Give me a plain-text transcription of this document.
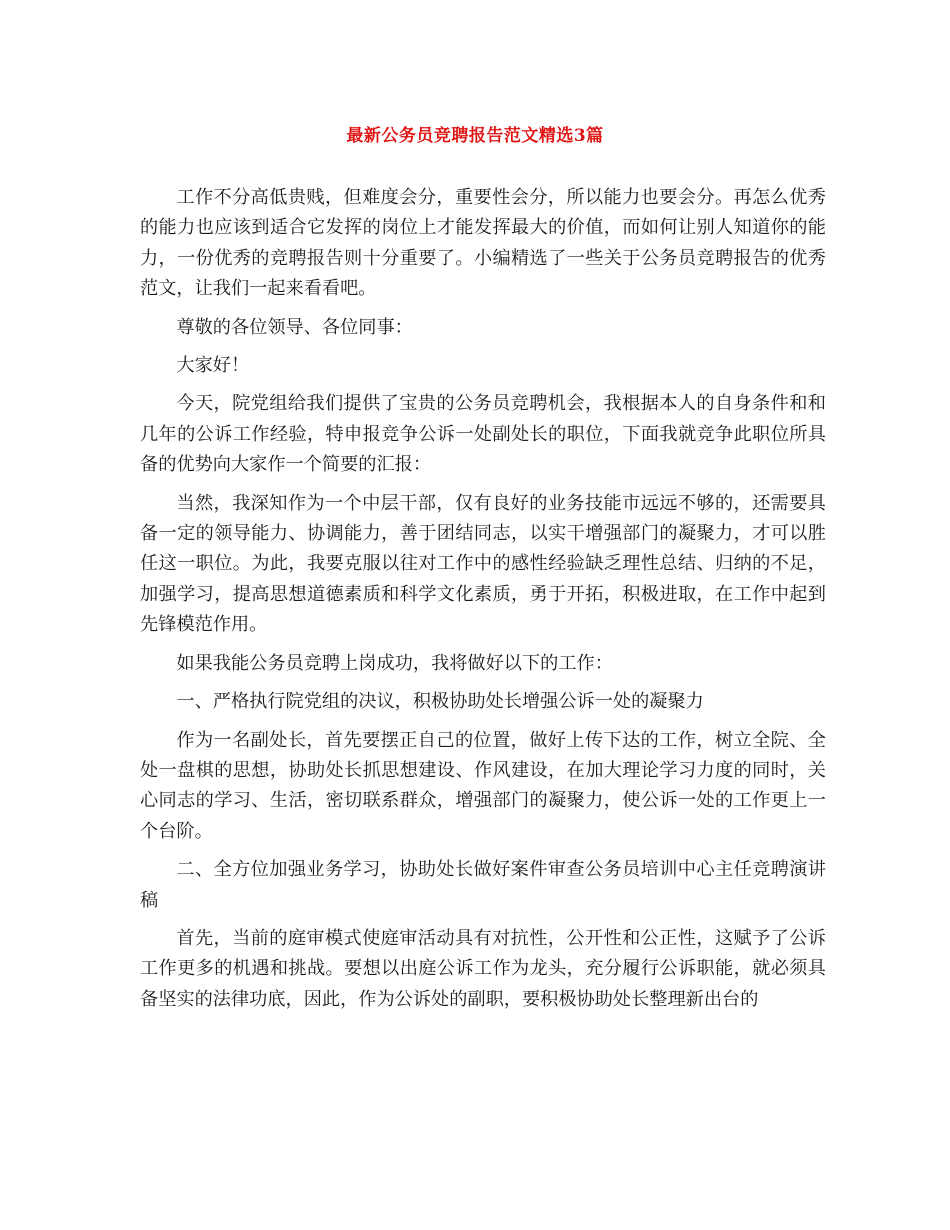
最新公务员竞聘报告范文精选3篇

工作不分高低贵贱，但难度会分，重要性会分，所以能力也要会分。再怎么优秀的能力也应该到适合它发挥的岗位上才能发挥最大的价值，而如何让别人知道你的能力，一份优秀的竞聘报告则十分重要了。小编精选了一些关于公务员竞聘报告的优秀范文，让我们一起来看看吧。

尊敬的各位领导、各位同事：

大家好！

今天，院党组给我们提供了宝贵的公务员竞聘机会，我根据本人的自身条件和和几年的公诉工作经验，特申报竞争公诉一处副处长的职位，下面我就竞争此职位所具备的优势向大家作一个简要的汇报：

当然，我深知作为一个中层干部，仅有良好的业务技能市远远不够的，还需要具备一定的领导能力、协调能力，善于团结同志，以实干增强部门的凝聚力，才可以胜任这一职位。为此，我要克服以往对工作中的感性经验缺乏理性总结、归纳的不足，加强学习，提高思想道德素质和科学文化素质，勇于开拓，积极进取，在工作中起到先锋模范作用。

如果我能公务员竞聘上岗成功，我将做好以下的工作：

一、严格执行院党组的决议，积极协助处长增强公诉一处的凝聚力

作为一名副处长，首先要摆正自己的位置，做好上传下达的工作，树立全院、全处一盘棋的思想，协助处长抓思想建设、作风建设，在加大理论学习力度的同时，关心同志的学习、生活，密切联系群众，增强部门的凝聚力，使公诉一处的工作更上一个台阶。

二、全方位加强业务学习，协助处长做好案件审查公务员培训中心主任竞聘演讲稿

首先，当前的庭审模式使庭审活动具有对抗性，公开性和公正性，这赋予了公诉工作更多的机遇和挑战。要想以出庭公诉工作为龙头，充分履行公诉职能，就必须具备坚实的法律功底，因此，作为公诉处的副职，要积极协助处长整理新出台的
